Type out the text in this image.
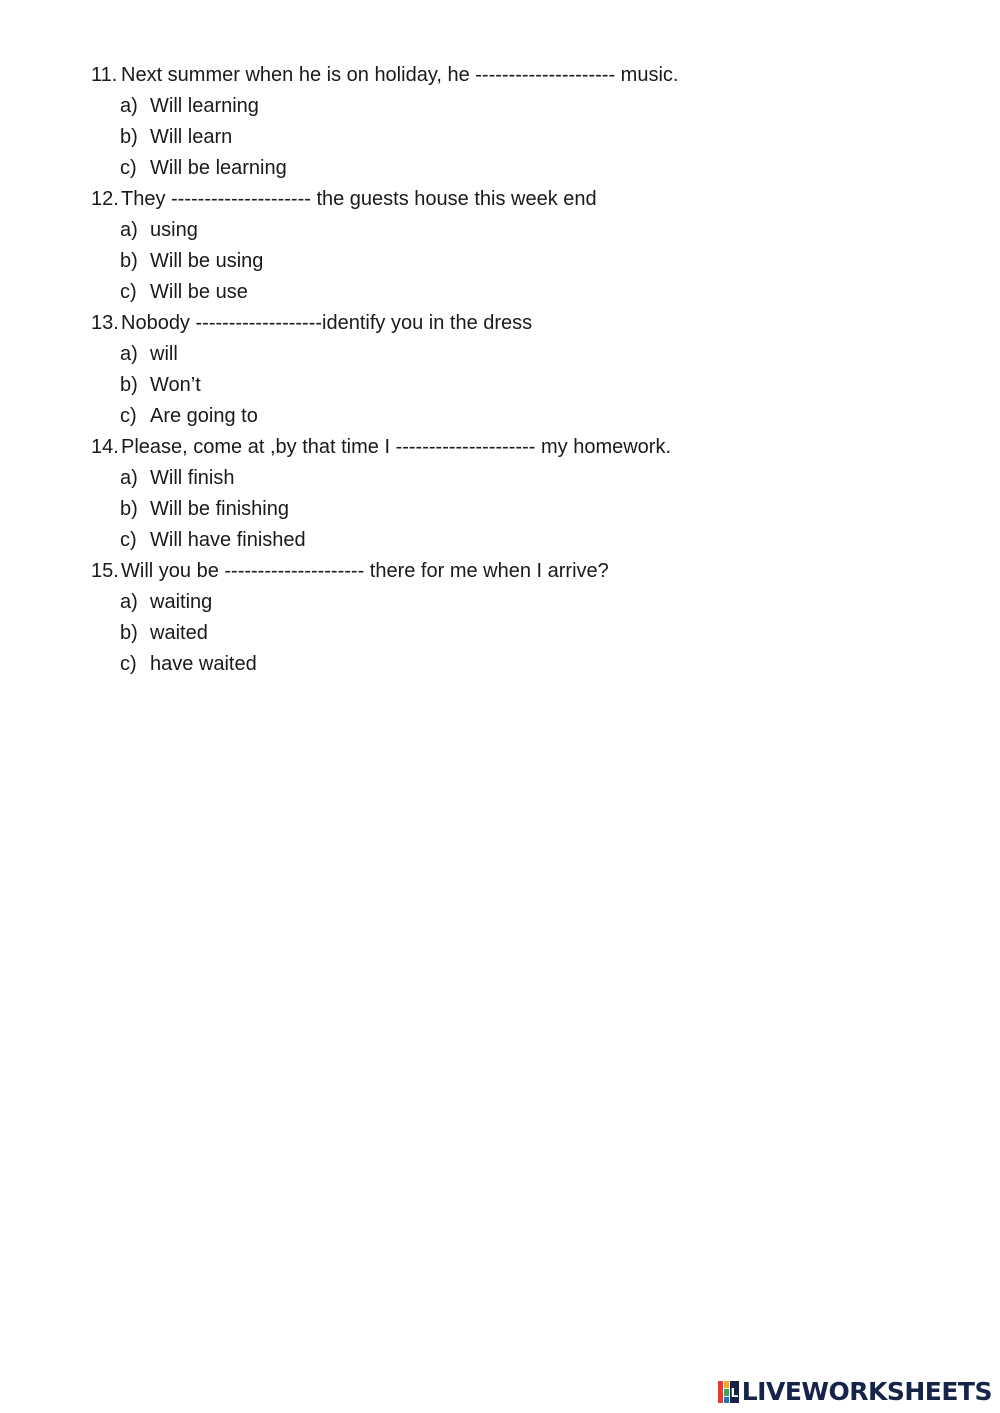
11. Next summer when he is on holiday, he --------------------- music.
a) Will learning
b) Will learn
c) Will be learning
12. They --------------------- the guests house this week end
a) using
b) Will be using
c) Will be use
13. Nobody -------------------identify you in the dress
a) will
b) Won’t
c) Are going to
14. Please, come at ,by that time I --------------------- my homework.
a) Will finish
b) Will be finishing
c) Will have finished
15. Will you be --------------------- there for me when I arrive?
a) waiting
b) waited
c) have waited
L LIVEWORKSHEETS
